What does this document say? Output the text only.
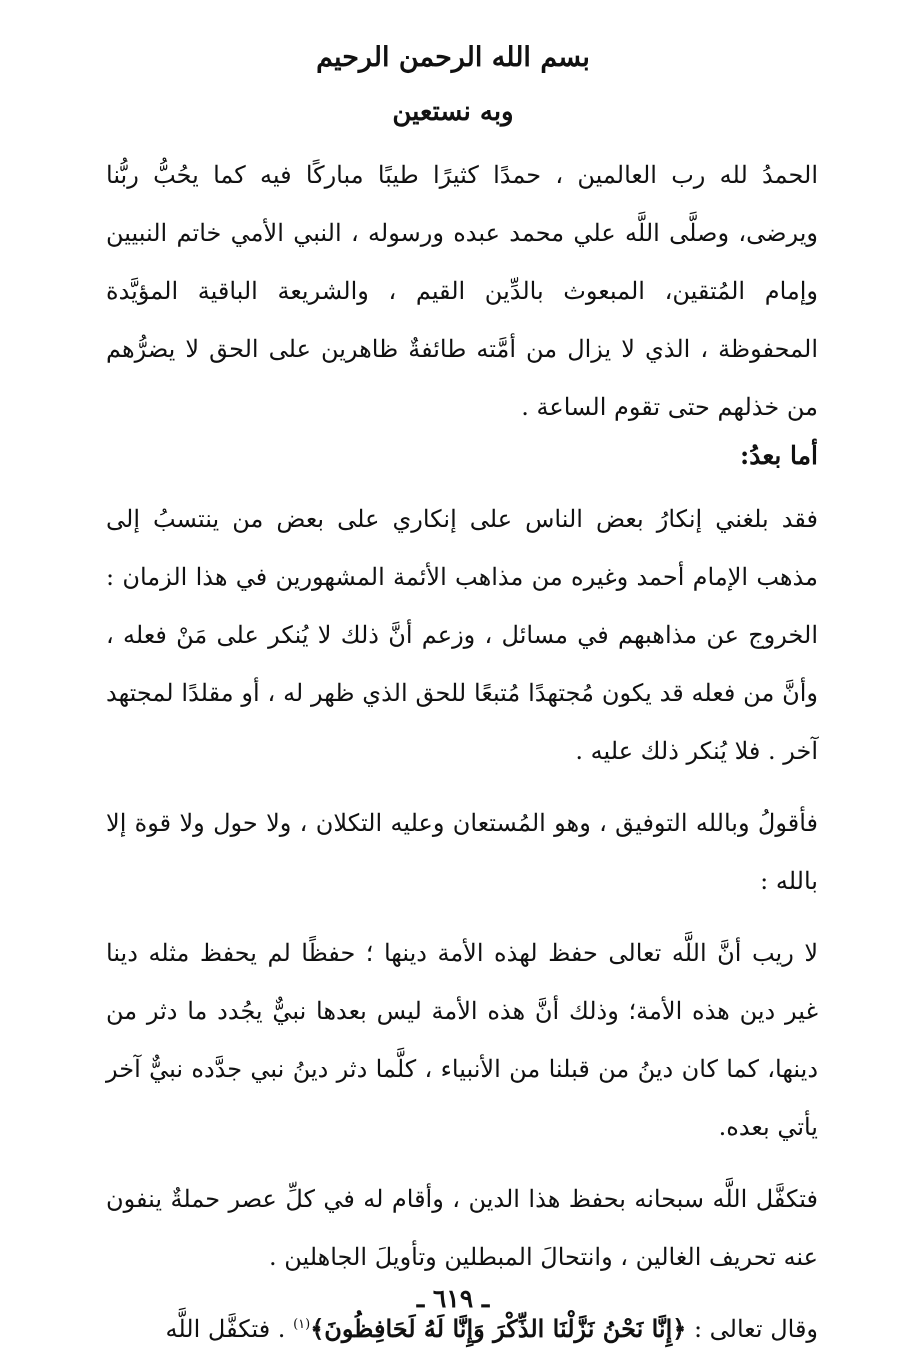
بسم الله الرحمن الرحيم
وبه نستعين

الحمدُ لله رب العالمين ، حمدًا كثيرًا طيبًا مباركًا فيه كما يحُبُّ ربُّنا ويرضى، وصلَّى اللَّه علي محمد عبده ورسوله ، النبي الأمي خاتم النبيين وإمام المُتقين، المبعوث بالدِّين القيم ، والشريعة الباقية المؤيَّدة المحفوظة ، الذي لا يزال من أمَّته طائفةٌ ظاهرين على الحق لا يضرُّهم من خذلهم حتى تقوم الساعة .

أما بعدُ:

فقد بلغني إنكارُ بعض الناس على إنكاري على بعض من ينتسبُ إلى مذهب الإمام أحمد وغيره من مذاهب الأئمة المشهورين في هذا الزمان : الخروج عن مذاهبهم في مسائل ، وزعم أنَّ ذلك لا يُنكر على مَنْ فعله ، وأنَّ من فعله قد يكون مُجتهدًا مُتبعًا للحق الذي ظهر له ، أو مقلدًا لمجتهد آخر . فلا يُنكر ذلك عليه .

فأقولُ وبالله التوفيق ، وهو المُستعان وعليه التكلان ، ولا حول ولا قوة إلا بالله :

لا ريب أنَّ اللَّه تعالى حفظ لهذه الأمة دينها ؛ حفظًا لم يحفظ مثله دينا غير دين هذه الأمة؛ وذلك أنَّ هذه الأمة ليس بعدها نبيٌّ يجُدد ما دثر من دينها، كما كان دينُ من قبلنا من الأنبياء ، كلَّما دثر دينُ نبي جدَّده نبيٌّ آخر يأتي بعده.

فتكفَّل اللَّه سبحانه بحفظ هذا الدين ، وأقام له في كلِّ عصر حملةٌ ينفون عنه تحريف الغالين ، وانتحالَ المبطلين وتأويلَ الجاهلين .

وقال تعالى : ﴿إِنَّا نَحْنُ نَزَّلْنَا الذِّكْرَ وَإِنَّا لَهُ لَحَافِظُونَ﴾$^{(١)}$ . فتكفَّل اللَّه

ـ ٦١٩ ـ
